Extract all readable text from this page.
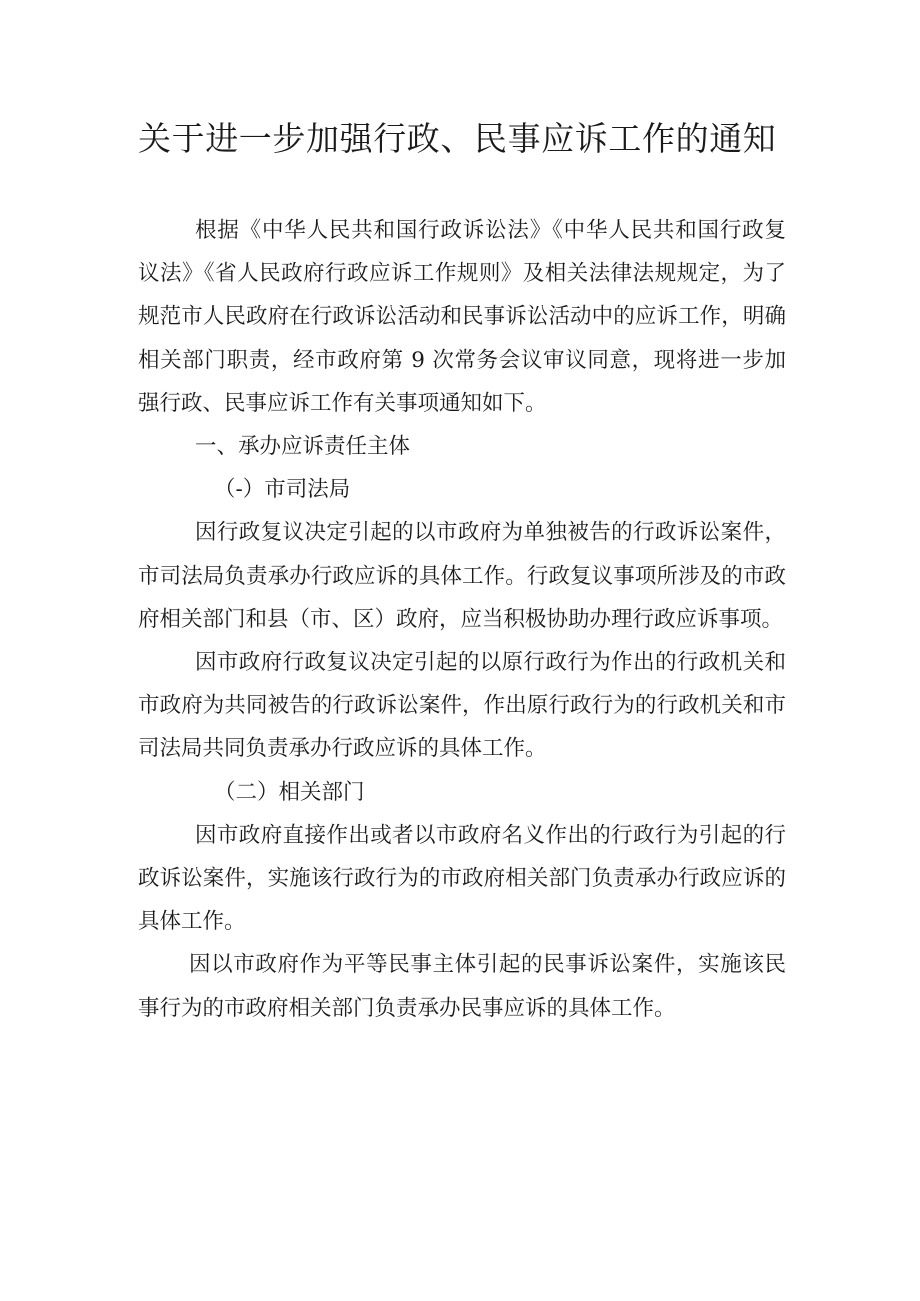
关于进一步加强行政、民事应诉工作的通知

根据《中华人民共和国行政诉讼法》《中华人民共和国行政复议法》《省人民政府行政应诉工作规则》及相关法律法规规定，为了规范市人民政府在行政诉讼活动和民事诉讼活动中的应诉工作，明确相关部门职责，经市政府第 9 次常务会议审议同意，现将进一步加强行政、民事应诉工作有关事项通知如下。

一、承办应诉责任主体

（-）市司法局

因行政复议决定引起的以市政府为单独被告的行政诉讼案件，市司法局负责承办行政应诉的具体工作。行政复议事项所涉及的市政府相关部门和县（市、区）政府，应当积极协助办理行政应诉事项。

因市政府行政复议决定引起的以原行政行为作出的行政机关和市政府为共同被告的行政诉讼案件，作出原行政行为的行政机关和市司法局共同负责承办行政应诉的具体工作。

（二）相关部门

因市政府直接作出或者以市政府名义作出的行政行为引起的行政诉讼案件，实施该行政行为的市政府相关部门负责承办行政应诉的具体工作。

因以市政府作为平等民事主体引起的民事诉讼案件，实施该民事行为的市政府相关部门负责承办民事应诉的具体工作。
